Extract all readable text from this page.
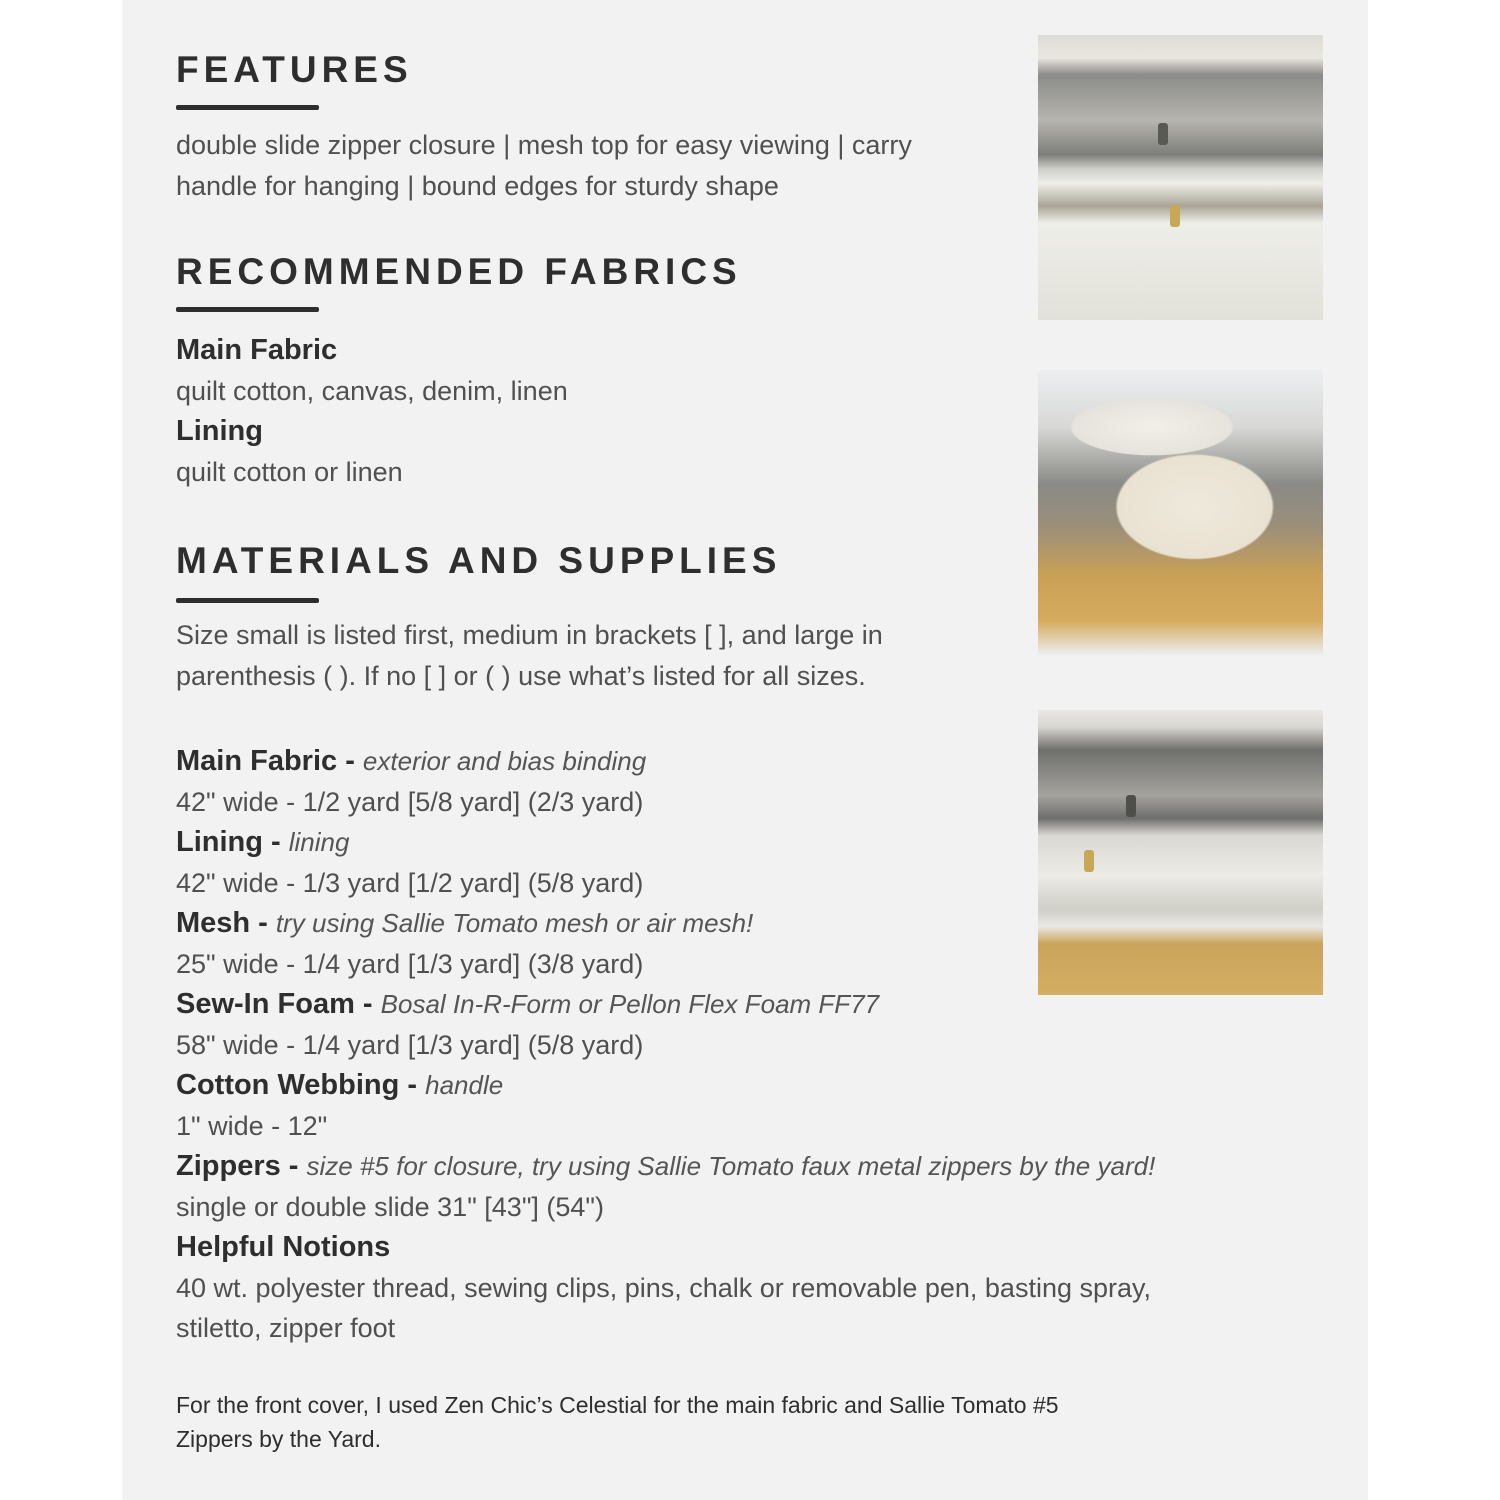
FEATURES
double slide zipper closure | mesh top for easy viewing | carry
handle for hanging | bound edges for sturdy shape
RECOMMENDED FABRICS
Main Fabric
quilt cotton, canvas, denim, linen
Lining
quilt cotton or linen
MATERIALS AND SUPPLIES
Size small is listed first, medium in brackets [ ], and large in
parenthesis ( ). If no [ ] or ( ) use what’s listed for all sizes.
Main Fabric - exterior and bias binding
42" wide - 1/2 yard [5/8 yard] (2/3 yard)
Lining - lining
42" wide - 1/3 yard [1/2 yard] (5/8 yard)
Mesh - try using Sallie Tomato mesh or air mesh!
25" wide - 1/4 yard [1/3 yard] (3/8 yard)
Sew-In Foam - Bosal In-R-Form or Pellon Flex Foam FF77
58" wide - 1/4 yard [1/3 yard] (5/8 yard)
Cotton Webbing - handle
1" wide - 12"
Zippers - size #5 for closure, try using Sallie Tomato faux metal zippers by the yard!
single or double slide 31" [43"] (54")
Helpful Notions
40 wt. polyester thread, sewing clips, pins, chalk or removable pen, basting spray,
stiletto, zipper foot
For the front cover, I used Zen Chic’s Celestial for the main fabric and Sallie Tomato #5
Zippers by the Yard.
